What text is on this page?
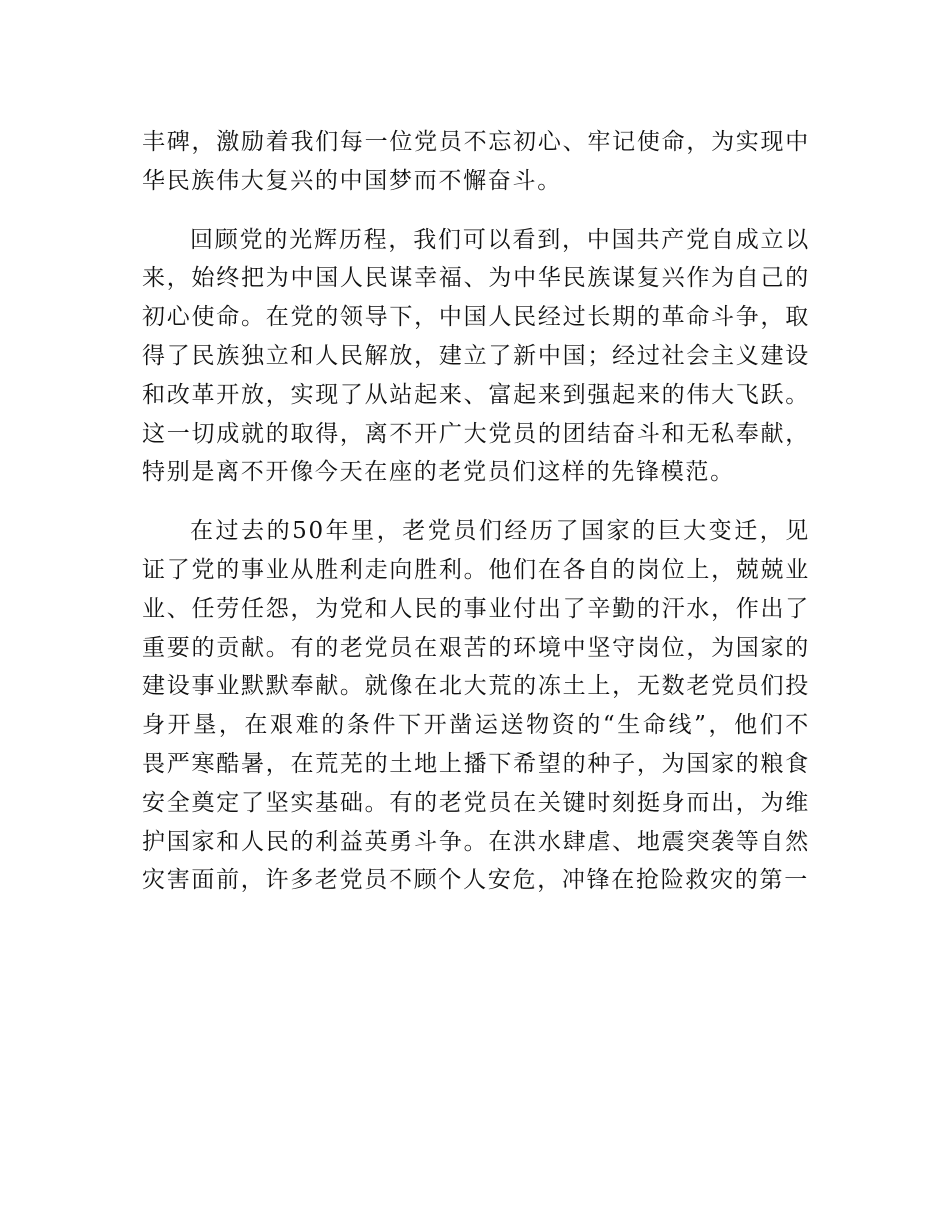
丰碑，激励着我们每一位党员不忘初心、牢记使命，为实现中华民族伟大复兴的中国梦而不懈奋斗。

回顾党的光辉历程，我们可以看到，中国共产党自成立以来，始终把为中国人民谋幸福、为中华民族谋复兴作为自己的初心使命。在党的领导下，中国人民经过长期的革命斗争，取得了民族独立和人民解放，建立了新中国；经过社会主义建设和改革开放，实现了从站起来、富起来到强起来的伟大飞跃。这一切成就的取得，离不开广大党员的团结奋斗和无私奉献，特别是离不开像今天在座的老党员们这样的先锋模范。

在过去的50年里，老党员们经历了国家的巨大变迁，见证了党的事业从胜利走向胜利。他们在各自的岗位上，兢兢业业、任劳任怨，为党和人民的事业付出了辛勤的汗水，作出了重要的贡献。有的老党员在艰苦的环境中坚守岗位，为国家的建设事业默默奉献。就像在北大荒的冻土上，无数老党员们投身开垦，在艰难的条件下开凿运送物资的“生命线”，他们不畏严寒酷暑，在荒芜的土地上播下希望的种子，为国家的粮食安全奠定了坚实基础。有的老党员在关键时刻挺身而出，为维护国家和人民的利益英勇斗争。在洪水肆虐、地震突袭等自然灾害面前，许多老党员不顾个人安危，冲锋在抢险救灾的第一
